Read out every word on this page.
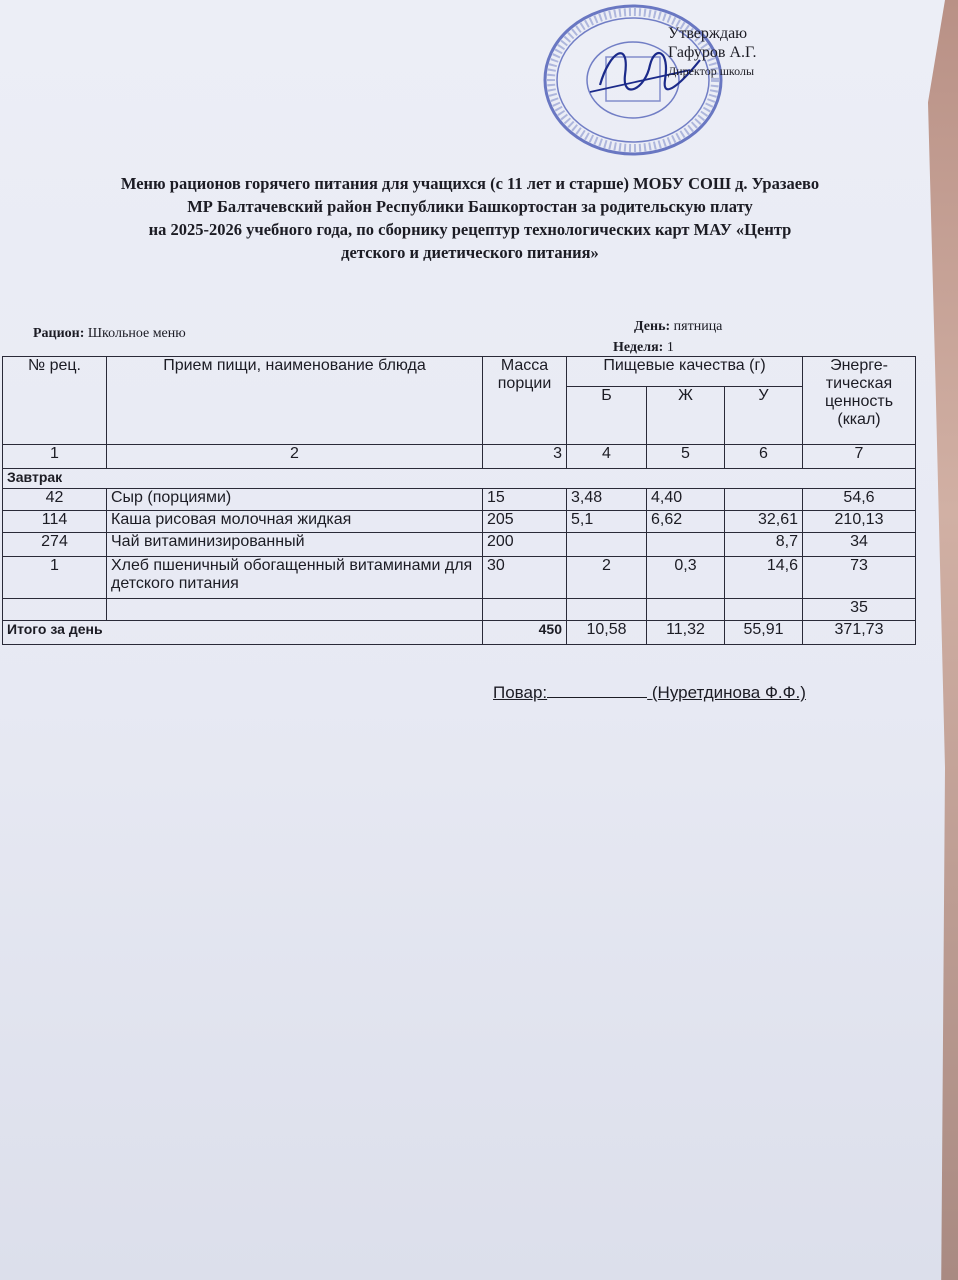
Утверждаю
Гафуров А.Г.
Директор школы
Меню рационов горячего питания для учащихся (с 11 лет и старше) МОБУ СОШ д. Уразаево
МР Балтачевский район Республики Башкортостан за родительскую плату
на 2025-2026 учебного года, по сборнику рецептур технологических карт МАУ «Центр
детского и диетического питания»
Рацион: Школьное меню	День: пятница
Неделя: 1
№ рец.	Прием пищи, наименование блюда	Масса порции	Пищевые качества (г)			Энерге-тическая ценность (ккал)
			Б	Ж	У	
1	2	3	4	5	6	7
Завтрак						
42	Сыр (порциями)	15	3,48	4,40		54,6
114	Каша рисовая молочная жидкая	205	5,1	6,62	32,61	210,13
274	Чай витаминизированный	200			8,7	34
1	Хлеб пшеничный обогащенный витаминами для детского питания	30	2	0,3	14,6	73
						35
Итого за день		450	10,58	11,32	55,91	371,73
Повар:	(Нуретдинова Ф.Ф.)
